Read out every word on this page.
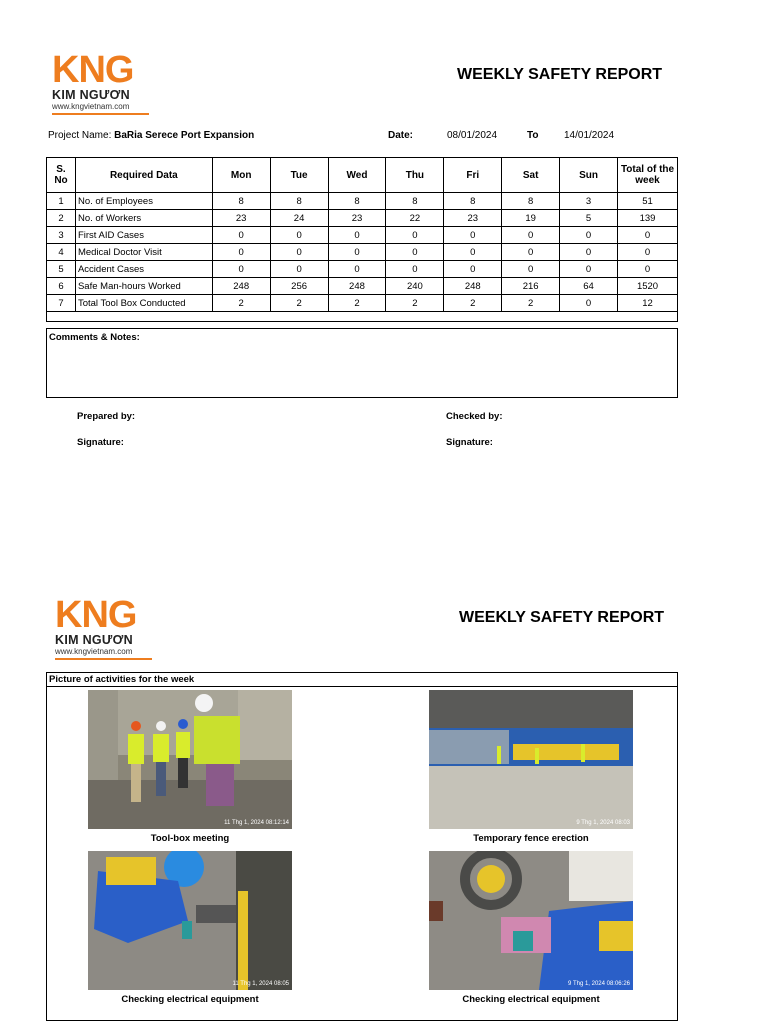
KNG
KIM NGƯƠN
www.kngvietnam.com
WEEKLY SAFETY REPORT
Project Name: BaRia Serece Port Expansion	Date:	08/01/2024	To	14/01/2024
S. No	Required Data	Mon	Tue	Wed	Thu	Fri	Sat	Sun	Total of the week
1	No. of Employees	8	8	8	8	8	8	3	51
2	No. of Workers	23	24	23	22	23	19	5	139
3	First AID Cases	0	0	0	0	0	0	0	0
4	Medical Doctor Visit	0	0	0	0	0	0	0	0
5	Accident Cases	0	0	0	0	0	0	0	0
6	Safe Man-hours Worked	248	256	248	240	248	216	64	1520
7	Total Tool Box Conducted	2	2	2	2	2	2	0	12

Comments & Notes:
Prepared by:	Checked by:
Signature:	Signature:
KNG
KIM NGƯƠN
www.kngvietnam.com
WEEKLY SAFETY REPORT
Picture of activities for the week
11 Thg 1, 2024 08:12:14
Tool-box meeting
9 Thg 1, 2024 08:03
Temporary fence erection
11 Thg 1, 2024 08:05
Checking electrical equipment
9 Thg 1, 2024 08:06:26
Checking electrical equipment
